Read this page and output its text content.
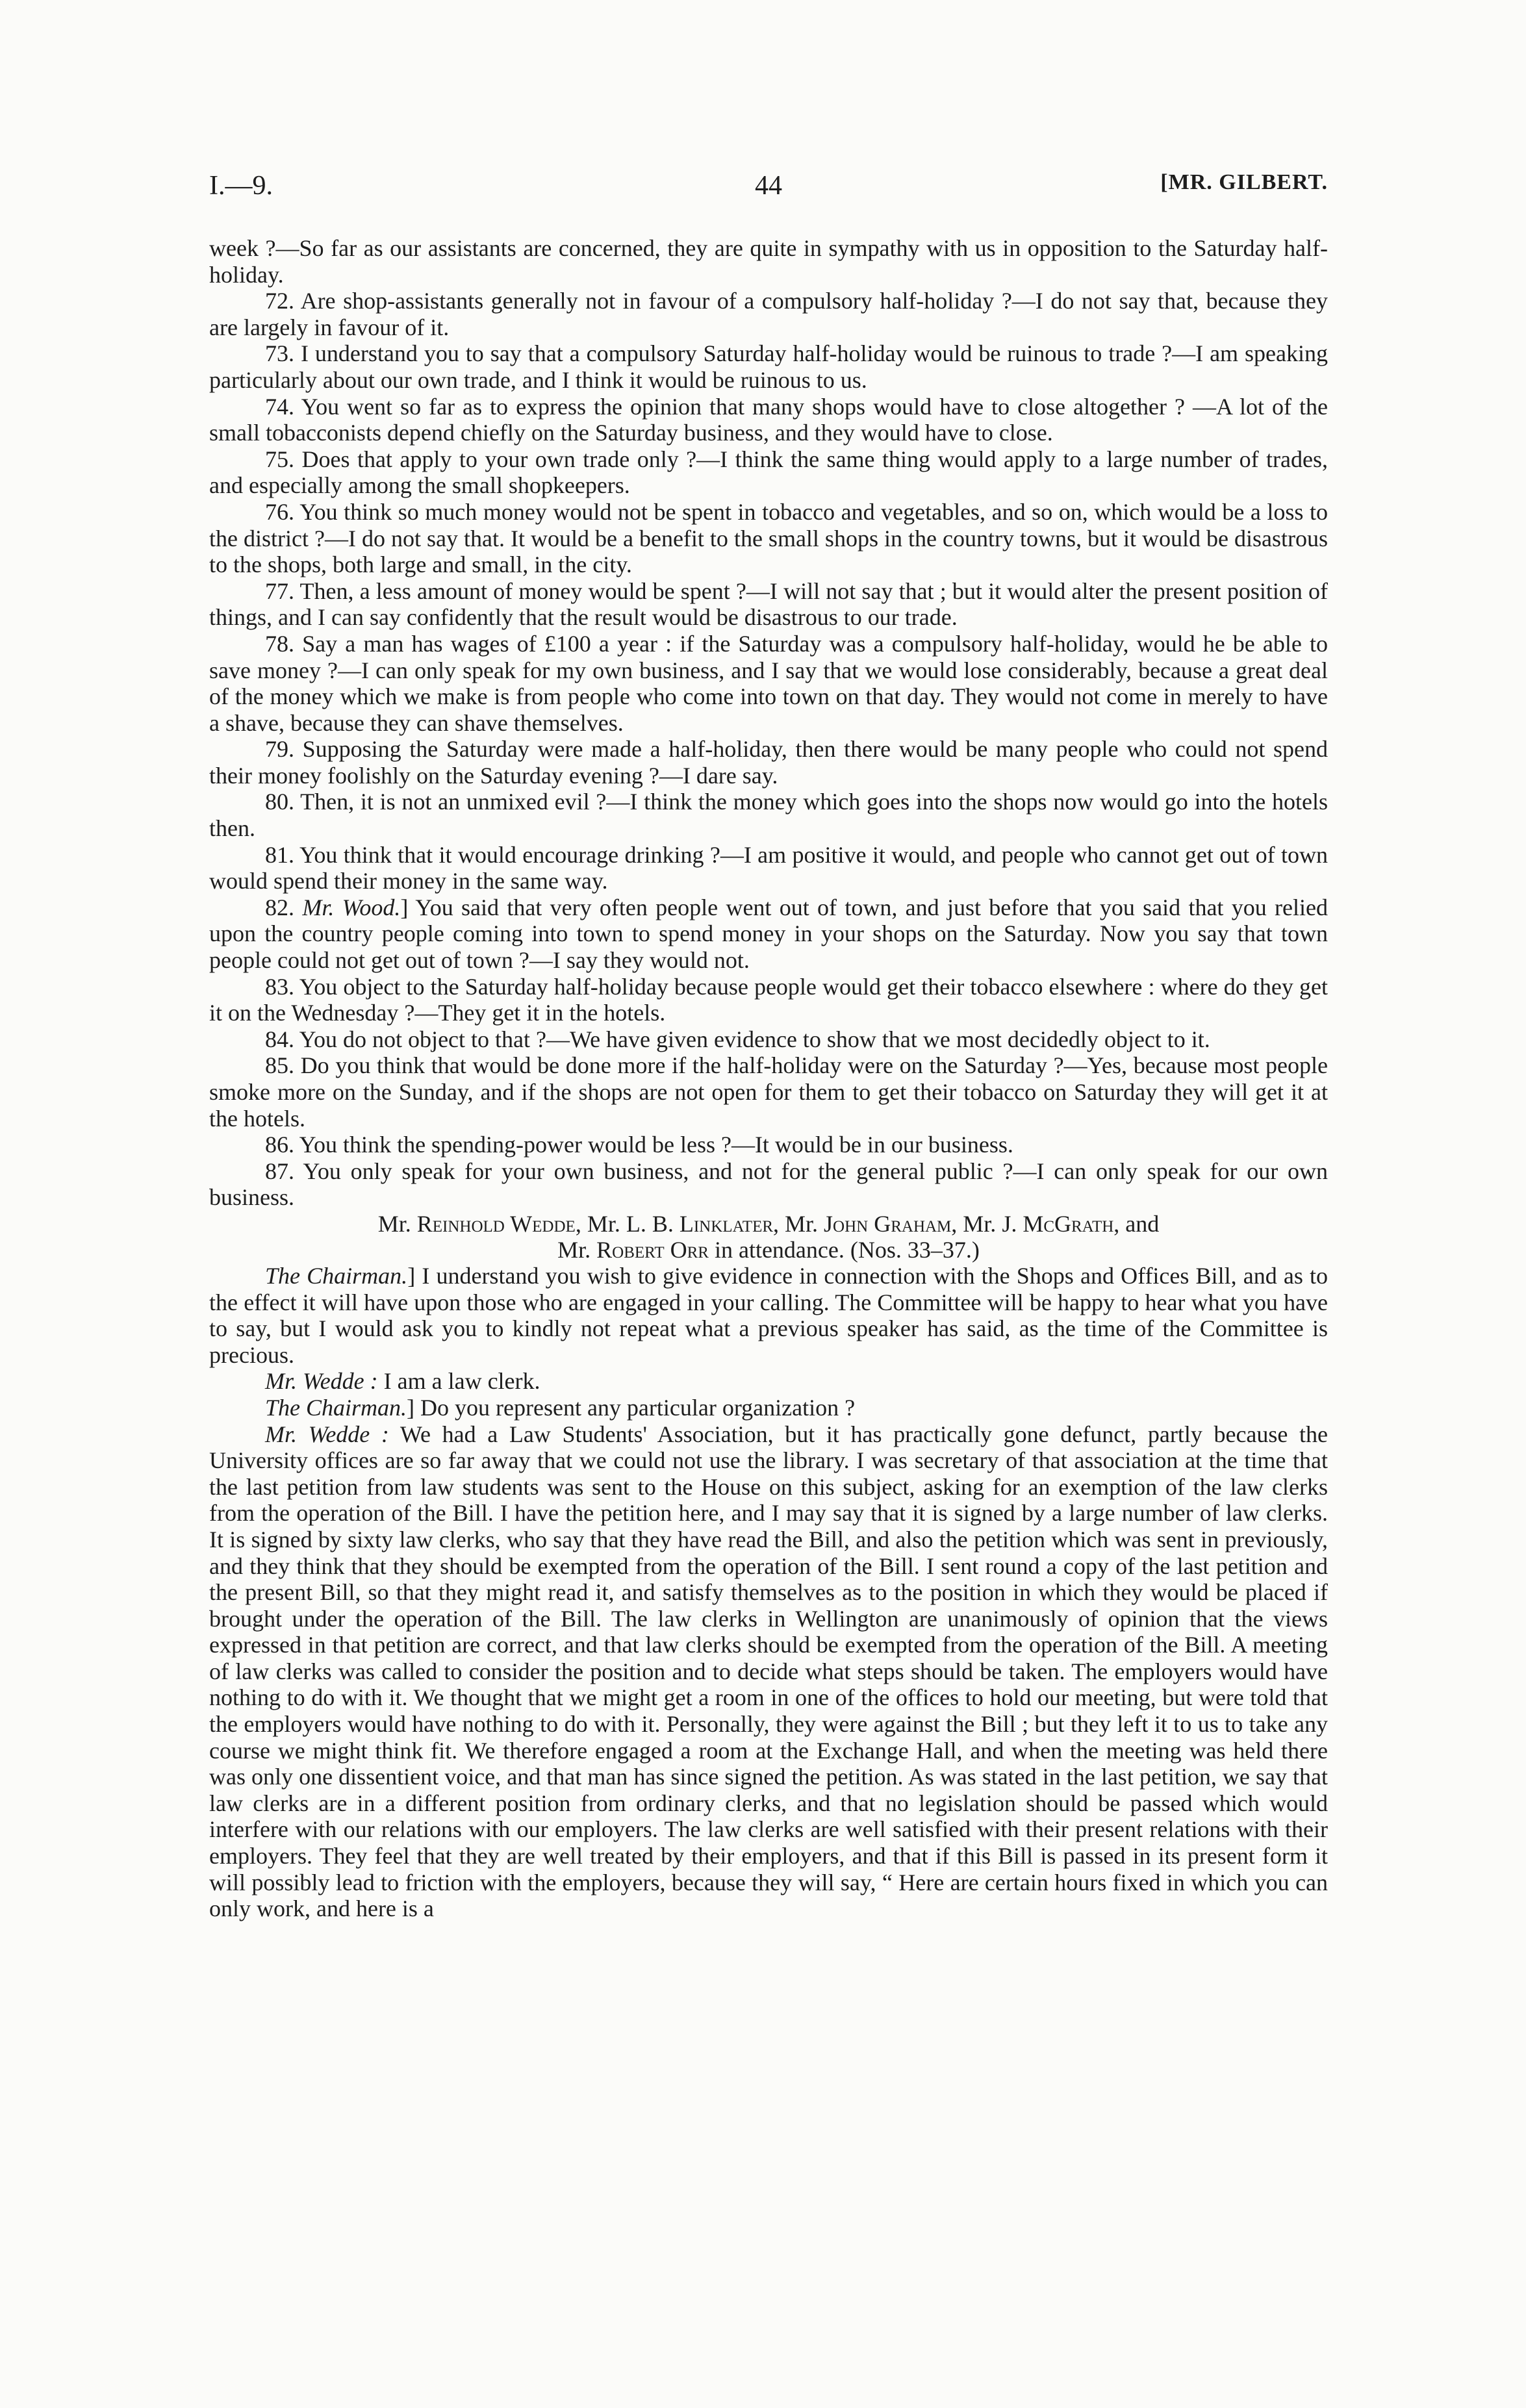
I.—9.	44	[MR. GILBERT.

week ?—So far as our assistants are concerned, they are quite in sympathy with us in opposition to the Saturday half-holiday.

72. Are shop-assistants generally not in favour of a compulsory half-holiday ?—I do not say that, because they are largely in favour of it.

73. I understand you to say that a compulsory Saturday half-holiday would be ruinous to trade ?—I am speaking particularly about our own trade, and I think it would be ruinous to us.

74. You went so far as to express the opinion that many shops would have to close altogether ? —A lot of the small tobacconists depend chiefly on the Saturday business, and they would have to close.

75. Does that apply to your own trade only ?—I think the same thing would apply to a large number of trades, and especially among the small shopkeepers.

76. You think so much money would not be spent in tobacco and vegetables, and so on, which would be a loss to the district ?—I do not say that. It would be a benefit to the small shops in the country towns, but it would be disastrous to the shops, both large and small, in the city.

77. Then, a less amount of money would be spent ?—I will not say that ; but it would alter the present position of things, and I can say confidently that the result would be disastrous to our trade.

78. Say a man has wages of £100 a year : if the Saturday was a compulsory half-holiday, would he be able to save money ?—I can only speak for my own business, and I say that we would lose considerably, because a great deal of the money which we make is from people who come into town on that day. They would not come in merely to have a shave, because they can shave themselves.

79. Supposing the Saturday were made a half-holiday, then there would be many people who could not spend their money foolishly on the Saturday evening ?—I dare say.

80. Then, it is not an unmixed evil ?—I think the money which goes into the shops now would go into the hotels then.

81. You think that it would encourage drinking ?—I am positive it would, and people who cannot get out of town would spend their money in the same way.

82. Mr. Wood.] You said that very often people went out of town, and just before that you said that you relied upon the country people coming into town to spend money in your shops on the Saturday. Now you say that town people could not get out of town ?—I say they would not.

83. You object to the Saturday half-holiday because people would get their tobacco elsewhere : where do they get it on the Wednesday ?—They get it in the hotels.

84. You do not object to that ?—We have given evidence to show that we most decidedly object to it.

85. Do you think that would be done more if the half-holiday were on the Saturday ?—Yes, because most people smoke more on the Sunday, and if the shops are not open for them to get their tobacco on Saturday they will get it at the hotels.

86. You think the spending-power would be less ?—It would be in our business.

87. You only speak for your own business, and not for the general public ?—I can only speak for our own business.

Mr. Reinhold Wedde, Mr. L. B. Linklater, Mr. John Graham, Mr. J. McGrath, and
Mr. Robert Orr in attendance. (Nos. 33–37.)

The Chairman.] I understand you wish to give evidence in connection with the Shops and Offices Bill, and as to the effect it will have upon those who are engaged in your calling. The Committee will be happy to hear what you have to say, but I would ask you to kindly not repeat what a previous speaker has said, as the time of the Committee is precious.

Mr. Wedde : I am a law clerk.

The Chairman.] Do you represent any particular organization ?

Mr. Wedde : We had a Law Students' Association, but it has practically gone defunct, partly because the University offices are so far away that we could not use the library. I was secretary of that association at the time that the last petition from law students was sent to the House on this subject, asking for an exemption of the law clerks from the operation of the Bill. I have the petition here, and I may say that it is signed by a large number of law clerks. It is signed by sixty law clerks, who say that they have read the Bill, and also the petition which was sent in previously, and they think that they should be exempted from the operation of the Bill. I sent round a copy of the last petition and the present Bill, so that they might read it, and satisfy themselves as to the position in which they would be placed if brought under the operation of the Bill. The law clerks in Wellington are unanimously of opinion that the views expressed in that petition are correct, and that law clerks should be exempted from the operation of the Bill. A meeting of law clerks was called to consider the position and to decide what steps should be taken. The employers would have nothing to do with it. We thought that we might get a room in one of the offices to hold our meeting, but were told that the employers would have nothing to do with it. Personally, they were against the Bill ; but they left it to us to take any course we might think fit. We therefore engaged a room at the Exchange Hall, and when the meeting was held there was only one dissentient voice, and that man has since signed the petition. As was stated in the last petition, we say that law clerks are in a different position from ordinary clerks, and that no legislation should be passed which would interfere with our relations with our employers. The law clerks are well satisfied with their present relations with their employers. They feel that they are well treated by their employers, and that if this Bill is passed in its present form it will possibly lead to friction with the employers, because they will say, “ Here are certain hours fixed in which you can only work, and here is a
